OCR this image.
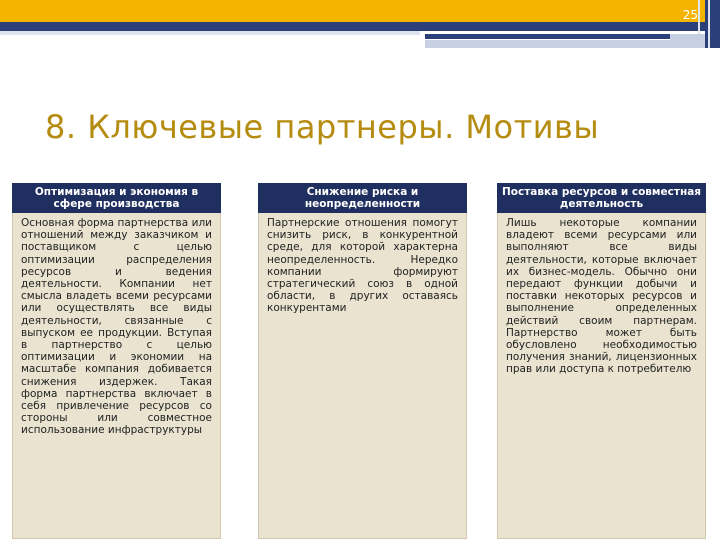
25
8. Ключевые партнеры. Мотивы
Оптимизация и экономия в сфере производства
Основная форма партнерства или отношений между заказчиком и поставщиком с целью оптимизации распределения ресурсов и ведения деятельности. Компании нет смысла владеть всеми ресурсами или осуществлять все виды деятельности, связанные с выпуском ее продукции. Вступая в партнерство с целью оптимизации и экономии на масштабе компания добивается снижения издержек. Такая форма партнерства включает в себя привлечение ресурсов со стороны или совместное использование инфраструктуры
Снижение риска и неопределенности
Партнерские отношения помогут снизить риск, в конкурентной среде, для которой характерна неопределенность. Нередко компании формируют стратегический союз в одной области, в других оставаясь конкурентами
Поставка ресурсов и совместная деятельность
Лишь некоторые компании владеют всеми ресурсами или выполняют все виды деятельности, которые включает их бизнес-модель. Обычно они передают функции добычи и поставки некоторых ресурсов и выполнение определенных действий своим партнерам. Партнерство может быть обусловлено необходимостью получения знаний, лицензионных прав или доступа к потребителю
